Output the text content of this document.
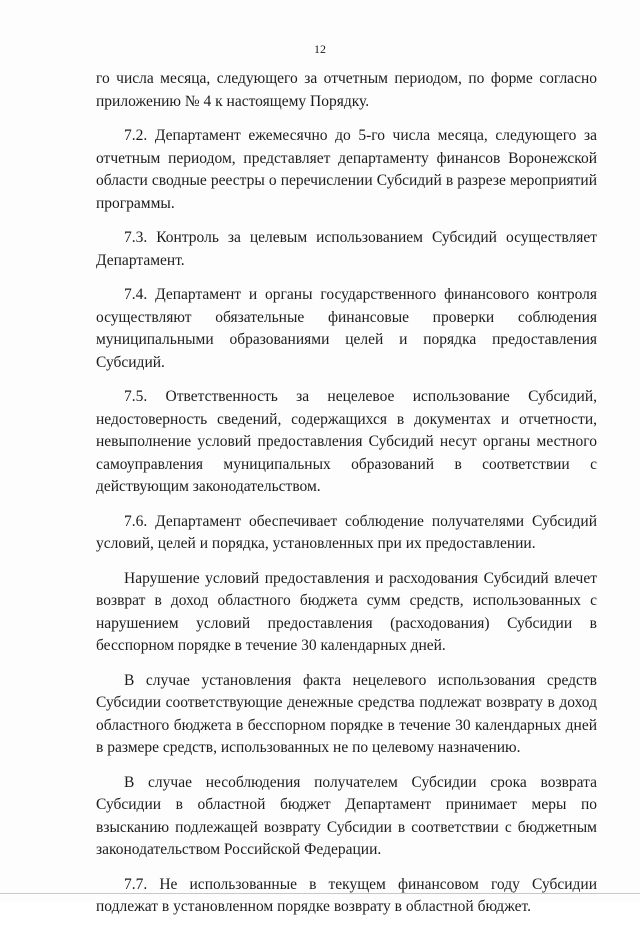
12

го числа месяца, следующего за отчетным периодом, по форме согласно приложению № 4 к настоящему Порядку.

7.2. Департамент ежемесячно до 5-го числа месяца, следующего за отчетным периодом, представляет департаменту финансов Воронежской области сводные реестры о перечислении Субсидий в разрезе мероприятий программы.

7.3. Контроль за целевым использованием Субсидий осуществляет Департамент.

7.4. Департамент и органы государственного финансового контроля осуществляют обязательные финансовые проверки соблюдения муниципальными образованиями целей и порядка предоставления Субсидий.

7.5. Ответственность за нецелевое использование Субсидий, недостоверность сведений, содержащихся в документах и отчетности, невыполнение условий предоставления Субсидий несут органы местного самоуправления муниципальных образований в соответствии с действующим законодательством.

7.6. Департамент обеспечивает соблюдение получателями Субсидий условий, целей и порядка, установленных при их предоставлении.

Нарушение условий предоставления и расходования Субсидий влечет возврат в доход областного бюджета сумм средств, использованных с нарушением условий предоставления (расходования) Субсидии в бесспорном порядке в течение 30 календарных дней.

В случае установления факта нецелевого использования средств Субсидии соответствующие денежные средства подлежат возврату в доход областного бюджета в бесспорном порядке в течение 30 календарных дней в размере средств, использованных не по целевому назначению.

В случае несоблюдения получателем Субсидии срока возврата Субсидии в областной бюджет Департамент принимает меры по взысканию подлежащей возврату Субсидии в соответствии с бюджетным законодательством Российской Федерации.

7.7. Не использованные в текущем финансовом году Субсидии подлежат в установленном порядке возврату в областной бюджет.
